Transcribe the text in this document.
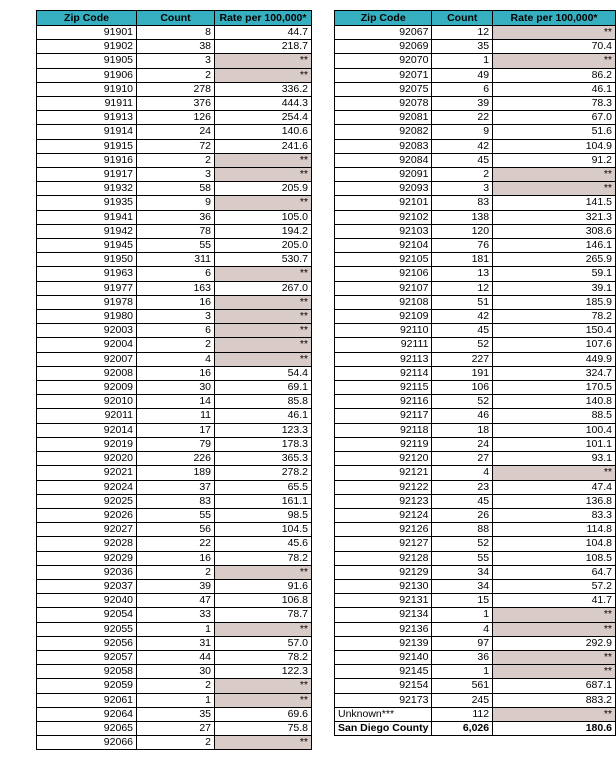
Zip Code	Count	Rate per 100,000*
91901	8	44.7
91902	38	218.7
91905	3	**
91906	2	**
91910	278	336.2
91911	376	444.3
91913	126	254.4
91914	24	140.6
91915	72	241.6
91916	2	**
91917	3	**
91932	58	205.9
91935	9	**
91941	36	105.0
91942	78	194.2
91945	55	205.0
91950	311	530.7
91963	6	**
91977	163	267.0
91978	16	**
91980	3	**
92003	6	**
92004	2	**
92007	4	**
92008	16	54.4
92009	30	69.1
92010	14	85.8
92011	11	46.1
92014	17	123.3
92019	79	178.3
92020	226	365.3
92021	189	278.2
92024	37	65.5
92025	83	161.1
92026	55	98.5
92027	56	104.5
92028	22	45.6
92029	16	78.2
92036	2	**
92037	39	91.6
92040	47	106.8
92054	33	78.7
92055	1	**
92056	31	57.0
92057	44	78.2
92058	30	122.3
92059	2	**
92061	1	**
92064	35	69.6
92065	27	75.8
92066	2	**
Zip Code	Count	Rate per 100,000*
92067	12	**
92069	35	70.4
92070	1	**
92071	49	86.2
92075	6	46.1
92078	39	78.3
92081	22	67.0
92082	9	51.6
92083	42	104.9
92084	45	91.2
92091	2	**
92093	3	**
92101	83	141.5
92102	138	321.3
92103	120	308.6
92104	76	146.1
92105	181	265.9
92106	13	59.1
92107	12	39.1
92108	51	185.9
92109	42	78.2
92110	45	150.4
92111	52	107.6
92113	227	449.9
92114	191	324.7
92115	106	170.5
92116	52	140.8
92117	46	88.5
92118	18	100.4
92119	24	101.1
92120	27	93.1
92121	4	**
92122	23	47.4
92123	45	136.8
92124	26	83.3
92126	88	114.8
92127	52	104.8
92128	55	108.5
92129	34	64.7
92130	34	57.2
92131	15	41.7
92134	1	**
92136	4	**
92139	97	292.9
92140	36	**
92145	1	**
92154	561	687.1
92173	245	883.2
Unknown***	112	**
San Diego County	6,026	180.6
